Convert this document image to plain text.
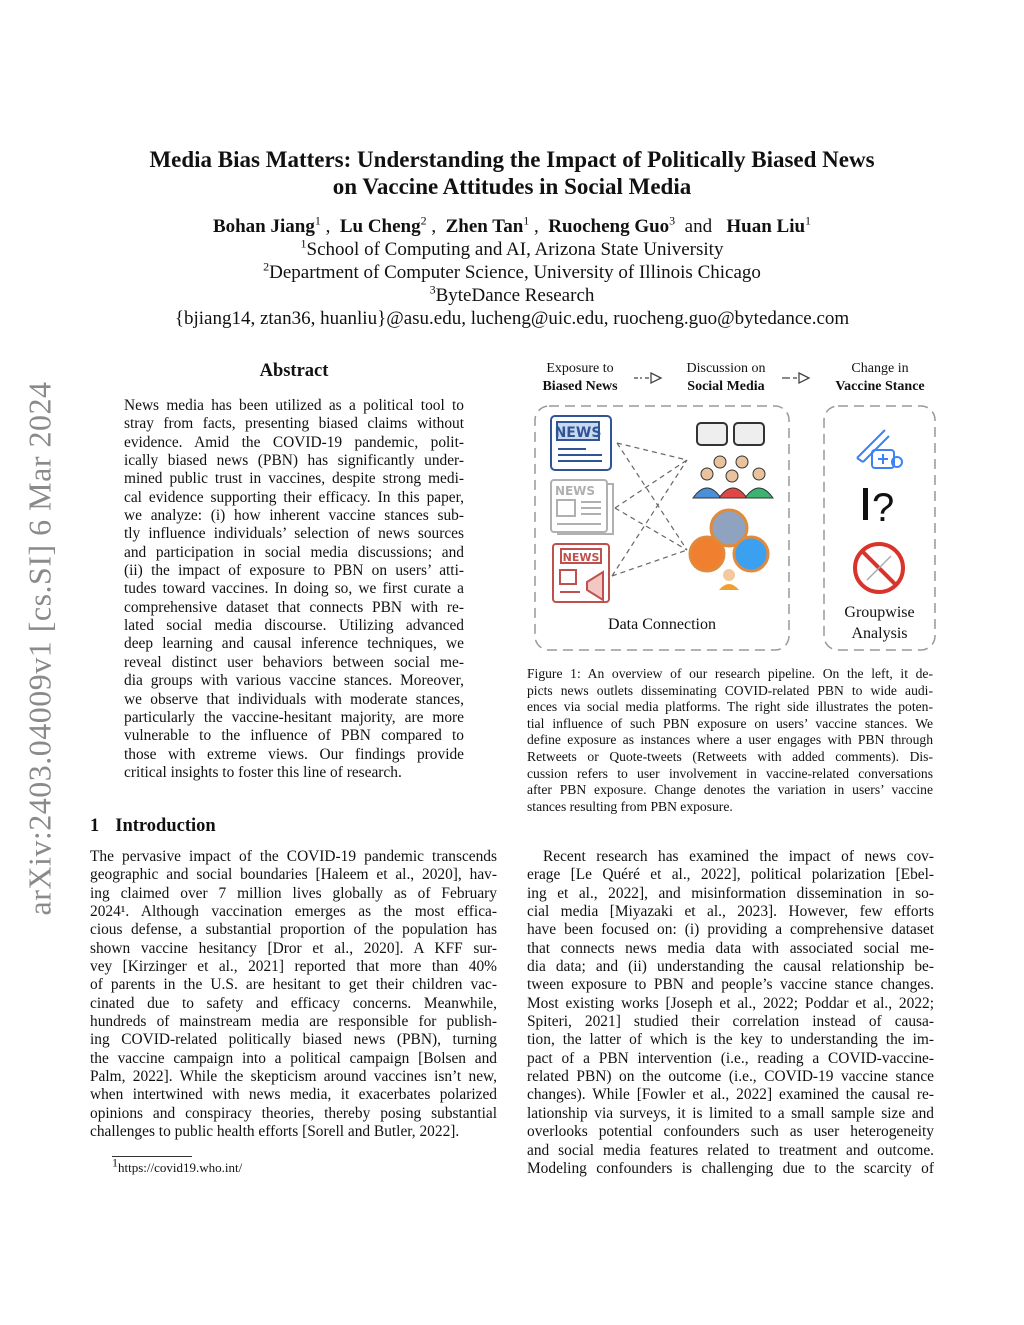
arXiv:2403.04009v1 [cs.SI] 6 Mar 2024
Media Bias Matters: Understanding the Impact of Politically Biased News
on Vaccine Attitudes in Social Media
Bohan Jiang$^1$ , Lu Cheng$^2$ , Zhen Tan$^1$ , Ruocheng Guo$^3$ and Huan Liu$^1$
$^1$School of Computing and AI, Arizona State University
$^2$Department of Computer Science, University of Illinois Chicago
$^3$ByteDance Research
{bjiang14, ztan36, huanliu}@asu.edu, lucheng@uic.edu, ruocheng.guo@bytedance.com
Abstract
News media has been utilized as a political tool to
stray from facts, presenting biased claims without
evidence. Amid the COVID-19 pandemic, polit-
ically biased news (PBN) has significantly under-
mined public trust in vaccines, despite strong medi-
cal evidence supporting their efficacy. In this paper,
we analyze: (i) how inherent vaccine stances sub-
tly influence individuals’ selection of news sources
and participation in social media discussions; and
(ii) the impact of exposure to PBN on users’ atti-
tudes toward vaccines. In doing so, we first curate a
comprehensive dataset that connects PBN with re-
lated social media discourse. Utilizing advanced
deep learning and causal inference techniques, we
reveal distinct user behaviors between social me-
dia groups with various vaccine stances. Moreover,
we observe that individuals with moderate stances,
particularly the vaccine-hesitant majority, are more
vulnerable to the influence of PBN compared to
those with extreme views. Our findings provide
critical insights to foster this line of research.
1 Introduction
The pervasive impact of the COVID-19 pandemic transcends
geographic and social boundaries [Haleem et al., 2020], hav-
ing claimed over 7 million lives globally as of February
2024¹. Although vaccination emerges as the most effica-
cious defense, a substantial proportion of the population has
shown vaccine hesitancy [Dror et al., 2020]. A KFF sur-
vey [Kirzinger et al., 2021] reported that more than 40%
of parents in the U.S. are hesitant to get their children vac-
cinated due to safety and efficacy concerns. Meanwhile,
hundreds of mainstream media are responsible for publish-
ing COVID-related politically biased news (PBN), turning
the vaccine campaign into a political campaign [Bolsen and
Palm, 2022]. While the skepticism around vaccines isn’t new,
when intertwined with news media, it exacerbates polarized
opinions and conspiracy theories, thereby posing substantial
challenges to public health efforts [Sorell and Butler, 2022].
Recent research has examined the impact of news cov-
erage [Le Quéré et al., 2022], political polarization [Ebel-
ing et al., 2022], and misinformation dissemination in so-
cial media [Miyazaki et al., 2023]. However, few efforts
have been focused on: (i) providing a comprehensive dataset
that connects news media data with associated social me-
dia data; and (ii) understanding the causal relationship be-
tween exposure to PBN and people’s vaccine stance changes.
Most existing works [Joseph et al., 2022; Poddar et al., 2022;
Spiteri, 2021] studied their correlation instead of causa-
tion, the latter of which is the key to understanding the im-
pact of a PBN intervention (i.e., reading a COVID-vaccine-
related PBN) on the outcome (i.e., COVID-19 vaccine stance
changes). While [Fowler et al., 2022] examined the causal re-
lationship via surveys, it is limited to a small sample size and
overlooks potential confounders such as user heterogeneity
and social media features related to treatment and outcome.
Modeling confounders is challenging due to the scarcity of
$^1$https://covid19.who.int/
Exposure to
Biased News
Discussion on
Social Media
Change in
Vaccine Stance
NEWS
NEWS
NEWS
?
Data Connection
Groupwise
Analysis
Figure 1: An overview of our research pipeline. On the left, it de-
picts news outlets disseminating COVID-related PBN to wide audi-
ences via social media platforms. The right side illustrates the poten-
tial influence of such PBN exposure on users’ vaccine stances. We
define exposure as instances where a user engages with PBN through
Retweets or Quote-tweets (Retweets with added comments). Dis-
cussion refers to user involvement in vaccine-related conversations
after PBN exposure. Change denotes the variation in users’ vaccine
stances resulting from PBN exposure.
